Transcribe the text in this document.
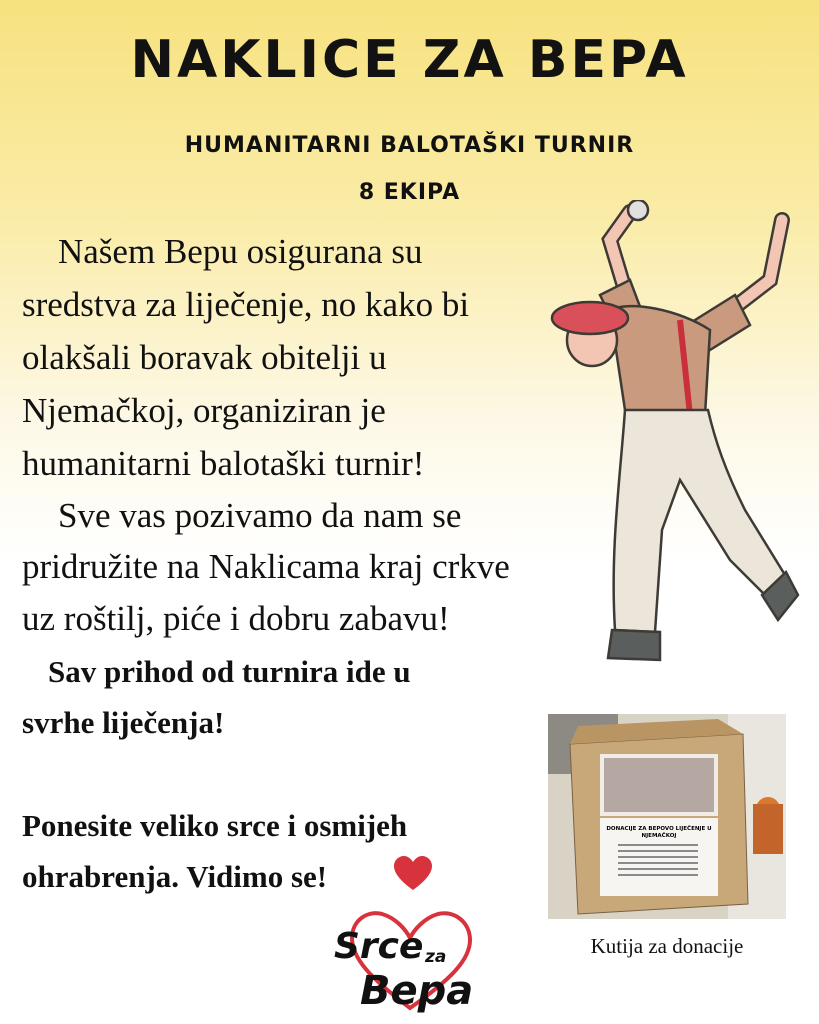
NAKLICE ZA BEPA
HUMANITARNI BALOTAŠKI TURNIR
8 EKIPA
Našem Bepu osigurana su
sredstva za liječenje, no kako bi
olakšali boravak obitelji u
Njemačkoj, organiziran je
humanitarni balotaški turnir!
Sve vas pozivamo da nam se
pridružite na Naklicama kraj crkve
uz roštilj, piće i dobru zabavu!
Sav prihod od turnira ide u
svrhe liječenja!
Ponesite veliko srce i osmijeh
ohrabrenja. Vidimo se!
DONACIJE ZA BEPOVO LIJEČENJE U
NJEMAČKOJ
Kutija za donacije
Srce za
Bepa
